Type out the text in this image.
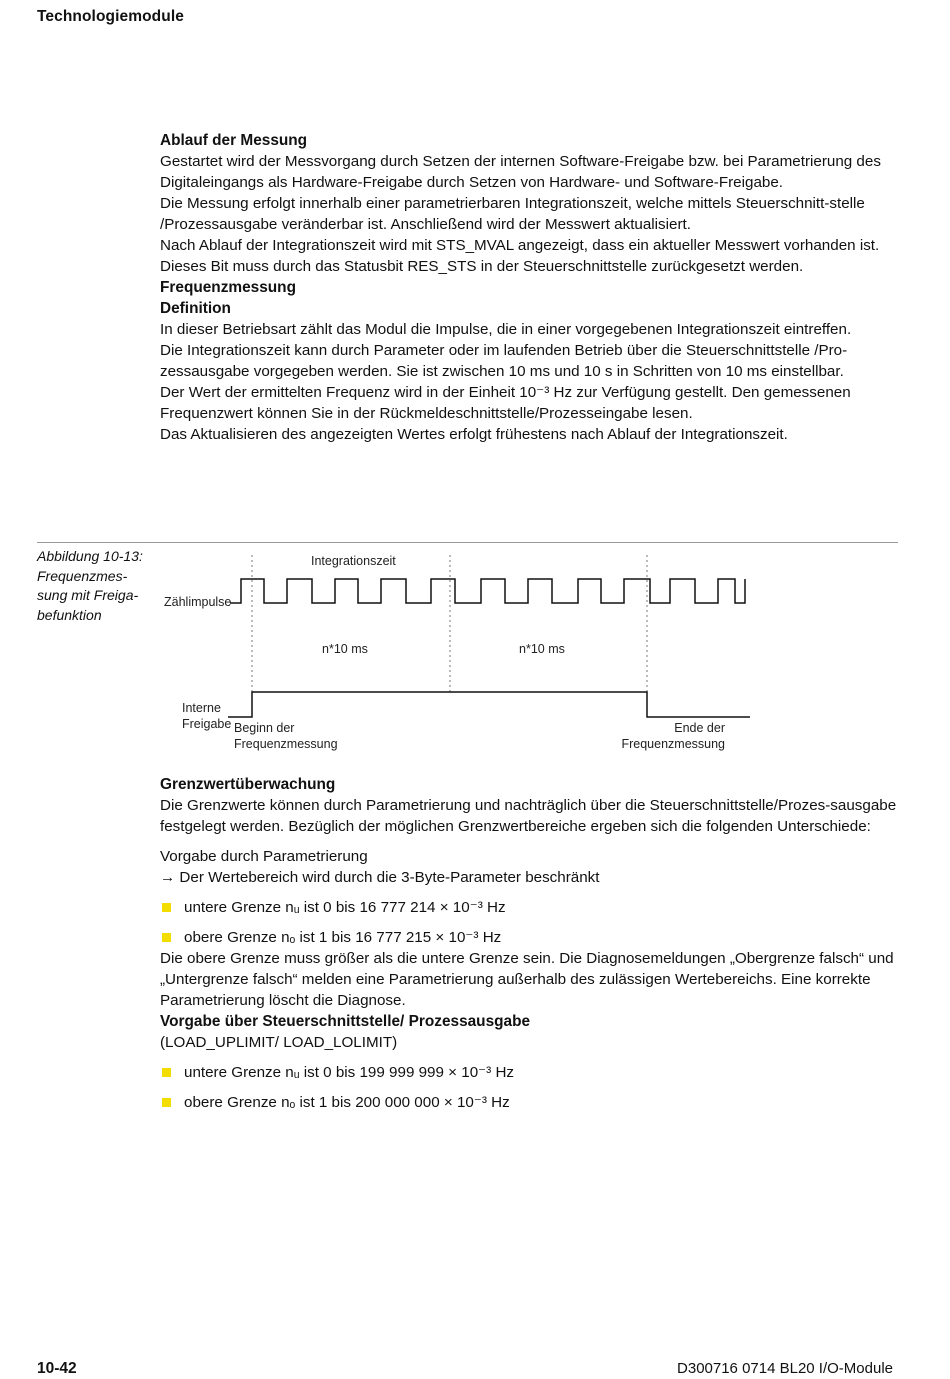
Technologiemodule
Ablauf der Messung

Gestartet wird der Messvorgang durch Setzen der internen Software-Freigabe bzw. bei Parametrierung des Digitaleingangs als Hardware-Freigabe durch Setzen von Hardware- und Software-Freigabe.

Die Messung erfolgt innerhalb einer parametrierbaren Integrationszeit, welche mittels Steuerschnitt-stelle /Prozessausgabe veränderbar ist. Anschließend wird der Messwert aktualisiert.

Nach Ablauf der Integrationszeit wird mit STS_MVAL angezeigt, dass ein aktueller Messwert vorhanden ist. Dieses Bit muss durch das Statusbit RES_STS in der Steuerschnittstelle zurückgesetzt werden.

Frequenzmessung
Definition

In dieser Betriebsart zählt das Modul die Impulse, die in einer vorgegebenen Integrationszeit eintreffen.

Die Integrationszeit kann durch Parameter oder im laufenden Betrieb über die Steuerschnittstelle /Pro-zessausgabe vorgegeben werden. Sie ist zwischen 10 ms und 10 s in Schritten von 10 ms einstellbar.

Der Wert der ermittelten Frequenz wird in der Einheit 10⁻³ Hz zur Verfügung gestellt. Den gemessenen Frequenzwert können Sie in der Rückmeldeschnittstelle/Prozesseingabe lesen.

Das Aktualisieren des angezeigten Wertes erfolgt frühestens nach Ablauf der Integrationszeit.

Abbildung 10-13:
Frequenzmes-
sung mit Freiga-
befunktion
Integrationszeit
Zählimpulse
n*10 ms	n*10 ms
Interne
Freigabe Beginn der
Frequenzmessung
Ende der
Frequenzmessung
Grenzwertüberwachung

Die Grenzwerte können durch Parametrierung und nachträglich über die Steuerschnittstelle/Prozes-sausgabe festgelegt werden. Bezüglich der möglichen Grenzwertbereiche ergeben sich die folgenden Unterschiede:

Vorgabe durch Parametrierung
→ Der Wertebereich wird durch die 3-Byte-Parameter beschränkt
untere Grenze nᵤ ist 0 bis 16 777 214 × 10⁻³ Hz
obere Grenze nₒ ist 1 bis 16 777 215 × 10⁻³ Hz

Die obere Grenze muss größer als die untere Grenze sein. Die Diagnosemeldungen „Obergrenze falsch“ und „Untergrenze falsch“ melden eine Parametrierung außerhalb des zulässigen Wertebereichs. Eine korrekte Parametrierung löscht die Diagnose.

Vorgabe über Steuerschnittstelle/ Prozessausgabe

(LOAD_UPLIMIT/ LOAD_LOLIMIT)

untere Grenze nᵤ ist 0 bis 199 999 999 × 10⁻³ Hz
obere Grenze nₒ ist 1 bis 200 000 000 × 10⁻³ Hz
10-42	D300716 0714 BL20 I/O-Module
